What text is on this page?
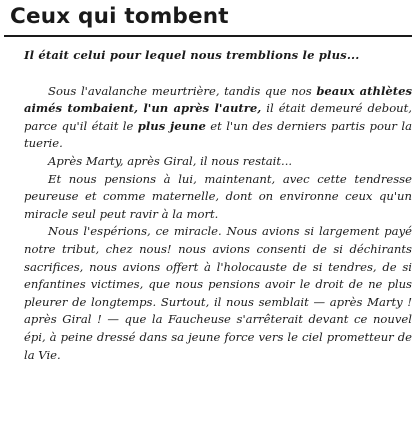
Ceux qui tombent

Il était celui pour lequel nous tremblions le plus...

Sous l'avalanche meurtrière, tandis que nos beaux athlètes aimés tombaient, l'un après l'autre, il était demeuré debout, parce qu'il était le plus jeune et l'un des derniers partis pour la tuerie.

Après Marty, après Giral, il nous restait...

Et nous pensions à lui, maintenant, avec cette tendresse peureuse et comme maternelle, dont on environne ceux qu'un miracle seul peut ravir à la mort.

Nous l'espérions, ce miracle. Nous avions si largement payé notre tribut, chez nous! nous avions consenti de si déchirants sacrifices, nous avions offert à l'holocauste de si tendres, de si enfantines victimes, que nous pensions avoir le droit de ne plus pleurer de longtemps. Surtout, il nous semblait — après Marty ! après Giral ! — que la Faucheuse s'arrêterait devant ce nouvel épi, à peine dressé dans sa jeune force vers le ciel prometteur de la Vie.
